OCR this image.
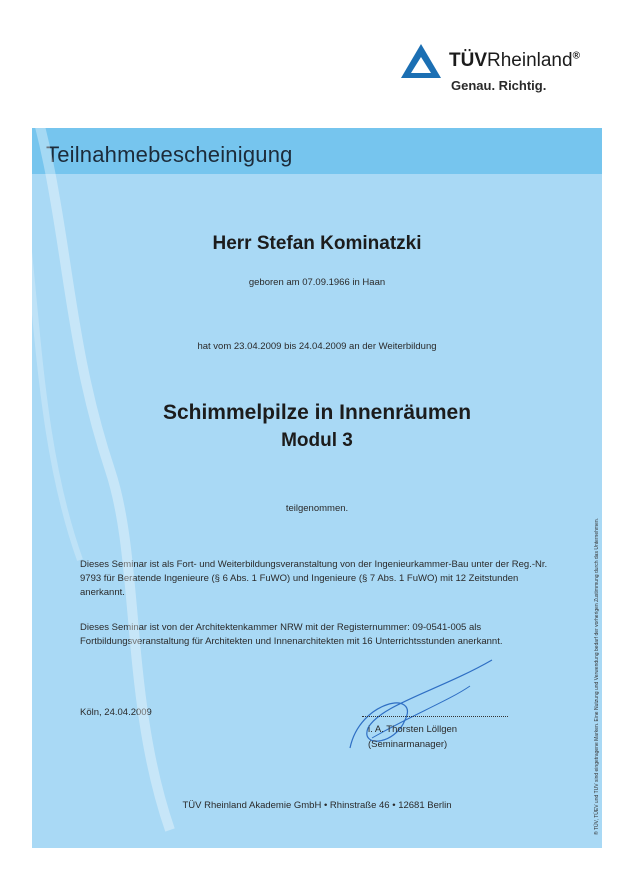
TÜVRheinland®
Genau. Richtig.
Teilnahmebescheinigung
Herr Stefan Kominatzki
geboren am 07.09.1966 in Haan
hat vom 23.04.2009 bis 24.04.2009 an der Weiterbildung
Schimmelpilze in Innenräumen
Modul 3
teilgenommen.
Dieses Seminar ist als Fort- und Weiterbildungsveranstaltung von der Ingenieurkammer-Bau unter der Reg.-Nr. 9793 für Beratende Ingenieure (§ 6 Abs. 1 FuWO) und Ingenieure (§ 7 Abs. 1 FuWO) mit 12 Zeitstunden anerkannt.
Dieses Seminar ist von der Architektenkammer NRW mit der Registernummer: 09-0541-005 als Fortbildungsveranstaltung für Architekten und Innenarchitekten mit 16 Unterrichtsstunden anerkannt.
Köln, 24.04.2009
i. A. Thorsten Löllgen
(Seminarmanager)
TÜV Rheinland Akademie GmbH • Rhinstraße 46 • 12681 Berlin	® TÜV, TÜEV und TUV sind eingetragene Marken. Eine Nutzung und Verwendung bedarf der vorherigen Zustimmung durch das Unternehmen.
